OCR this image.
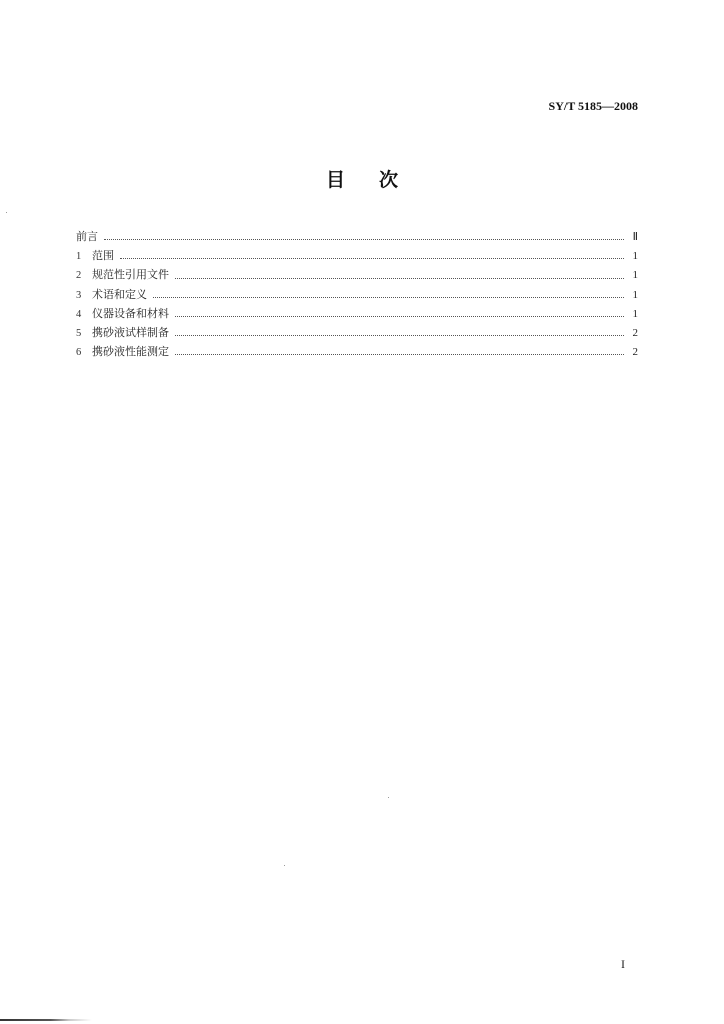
SY/T 5185—2008
目次
前言	Ⅱ
1 范围	1
2 规范性引用文件	1
3 术语和定义	1
4 仪器设备和材料	1
5 携砂液试样制备	2
6 携砂液性能测定	2
I
